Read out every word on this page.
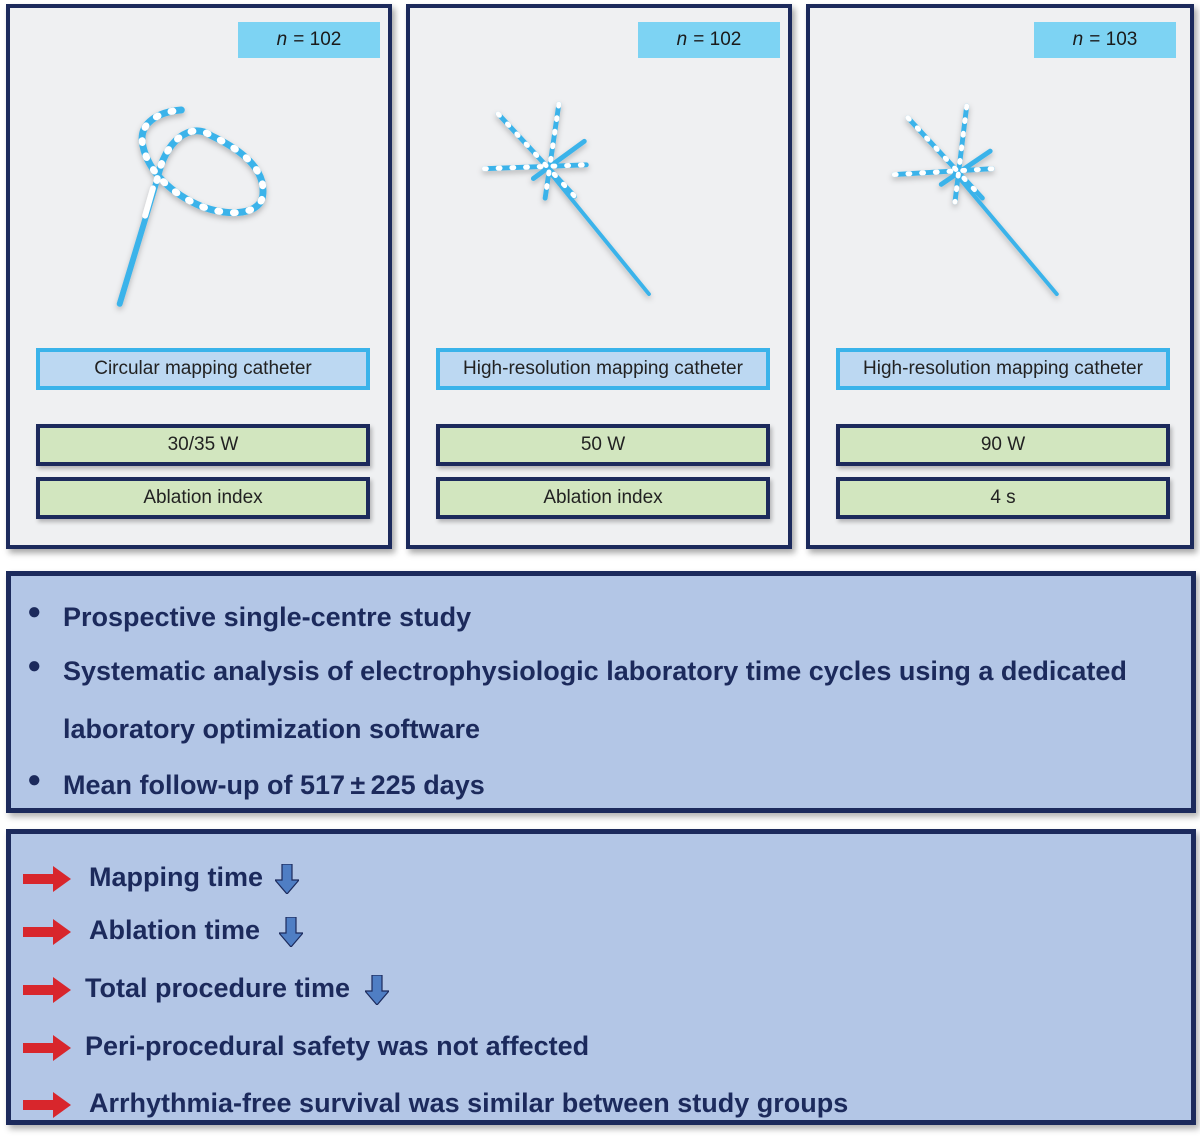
n = 102
Circular mapping catheter
30/35 W
Ablation index
n = 102
High-resolution mapping catheter
50 W
Ablation index
n = 103
High-resolution mapping catheter
90 W
4 s
● Prospective single-centre study
● Systematic analysis of electrophysiologic laboratory time cycles using a dedicated
laboratory optimization software
● Mean follow-up of 517 ± 225 days
Mapping time
Ablation time
Total procedure time
Peri-procedural safety was not affected
Arrhythmia-free survival was similar between study groups
